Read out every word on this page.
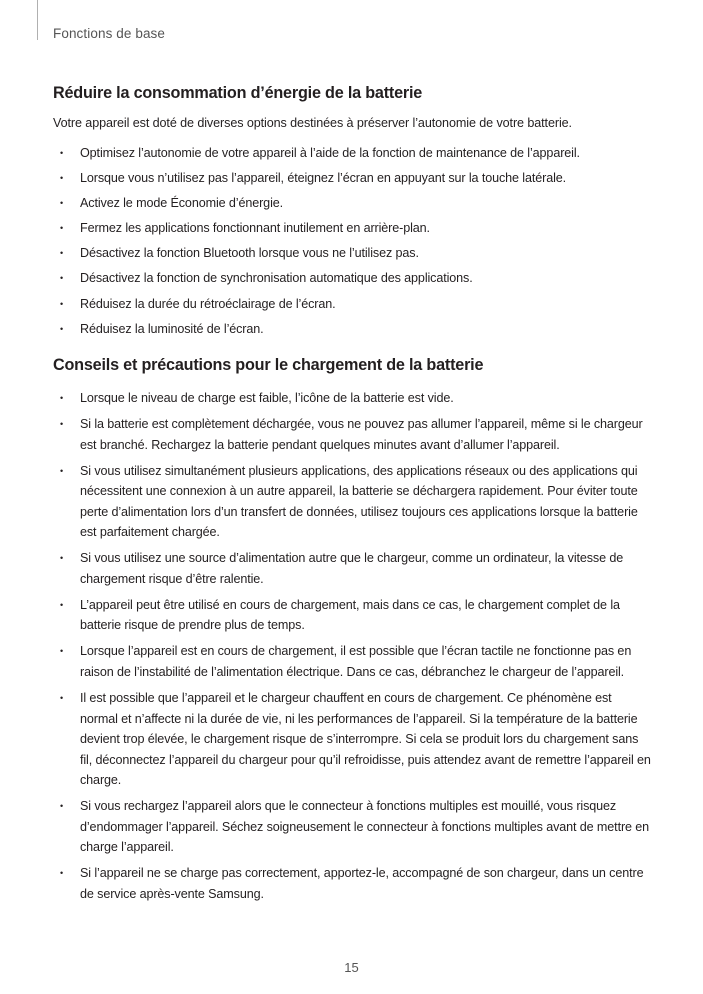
Fonctions de base
Réduire la consommation d’énergie de la batterie

Votre appareil est doté de diverses options destinées à préserver l’autonomie de votre batterie.

• Optimisez l’autonomie de votre appareil à l’aide de la fonction de maintenance de l’appareil.
• Lorsque vous n’utilisez pas l’appareil, éteignez l’écran en appuyant sur la touche latérale.
• Activez le mode Économie d’énergie.
• Fermez les applications fonctionnant inutilement en arrière-plan.
• Désactivez la fonction Bluetooth lorsque vous ne l’utilisez pas.
• Désactivez la fonction de synchronisation automatique des applications.
• Réduisez la durée du rétroéclairage de l’écran.
• Réduisez la luminosité de l’écran.
Conseils et précautions pour le chargement de la batterie
• Lorsque le niveau de charge est faible, l’icône de la batterie est vide.
• Si la batterie est complètement déchargée, vous ne pouvez pas allumer l’appareil, même si le chargeur est branché. Rechargez la batterie pendant quelques minutes avant d’allumer l’appareil.
• Si vous utilisez simultanément plusieurs applications, des applications réseaux ou des applications qui nécessitent une connexion à un autre appareil, la batterie se déchargera rapidement. Pour éviter toute perte d’alimentation lors d’un transfert de données, utilisez toujours ces applications lorsque la batterie est parfaitement chargée.
• Si vous utilisez une source d’alimentation autre que le chargeur, comme un ordinateur, la vitesse de chargement risque d’être ralentie.
• L’appareil peut être utilisé en cours de chargement, mais dans ce cas, le chargement complet de la batterie risque de prendre plus de temps.
• Lorsque l’appareil est en cours de chargement, il est possible que l’écran tactile ne fonctionne pas en raison de l’instabilité de l’alimentation électrique. Dans ce cas, débranchez le chargeur de l’appareil.
• Il est possible que l’appareil et le chargeur chauffent en cours de chargement. Ce phénomène est normal et n’affecte ni la durée de vie, ni les performances de l’appareil. Si la température de la batterie devient trop élevée, le chargement risque de s’interrompre. Si cela se produit lors du chargement sans fil, déconnectez l’appareil du chargeur pour qu’il refroidisse, puis attendez avant de remettre l’appareil en charge.
• Si vous rechargez l’appareil alors que le connecteur à fonctions multiples est mouillé, vous risquez d’endommager l’appareil. Séchez soigneusement le connecteur à fonctions multiples avant de mettre en charge l’appareil.
• Si l’appareil ne se charge pas correctement, apportez-le, accompagné de son chargeur, dans un centre de service après-vente Samsung.
15
